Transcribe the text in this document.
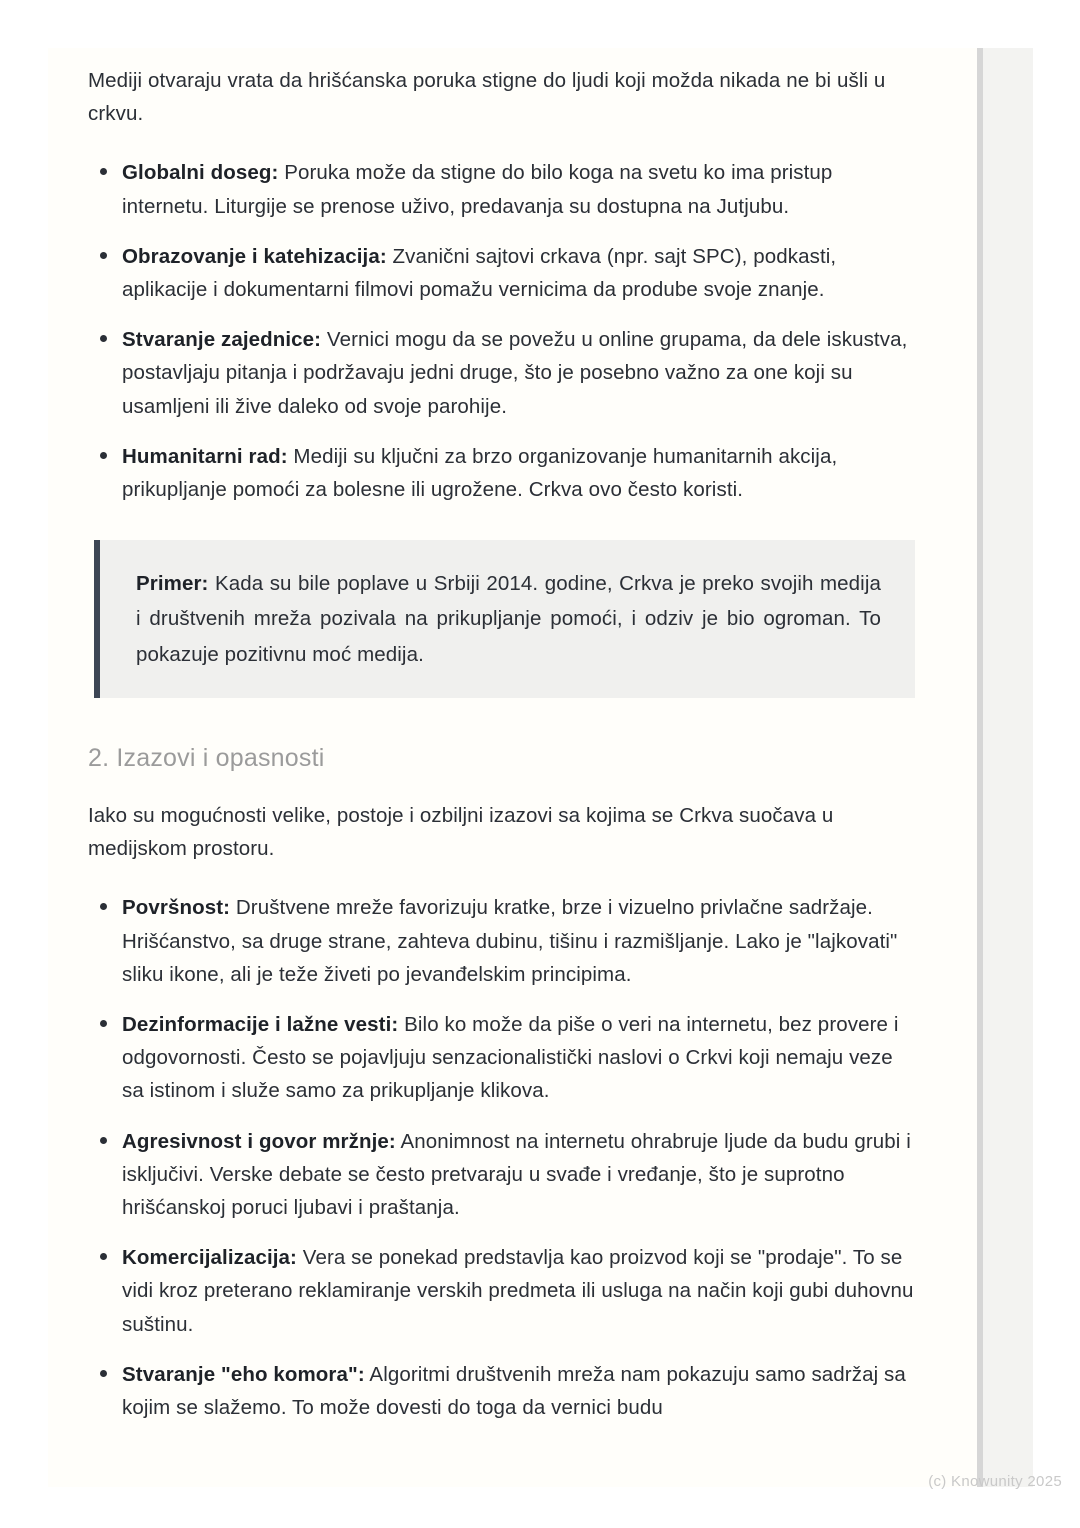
Mediji otvaraju vrata da hrišćanska poruka stigne do ljudi koji možda nikada ne bi ušli u crkvu.

Globalni doseg: Poruka može da stigne do bilo koga na svetu ko ima pristup internetu. Liturgije se prenose uživo, predavanja su dostupna na Jutjubu.
Obrazovanje i katehizacija: Zvanični sajtovi crkava (npr. sajt SPC), podkasti, aplikacije i dokumentarni filmovi pomažu vernicima da produbе svoje znanje.
Stvaranje zajednice: Vernici mogu da se povežu u online grupama, da dele iskustva, postavljaju pitanja i podržavaju jedni druge, što je posebno važno za one koji su usamljeni ili žive daleko od svoje parohije.
Humanitarni rad: Mediji su ključni za brzo organizovanje humanitarnih akcija, prikupljanje pomoći za bolesne ili ugrožene. Crkva ovo često koristi.

Primer: Kada su bile poplave u Srbiji 2014. godine, Crkva je preko svojih medija i društvenih mreža pozivala na prikupljanje pomoći, i odziv je bio ogroman. To pokazuje pozitivnu moć medija.

2. Izazovi i opasnosti

Iako su mogućnosti velike, postoje i ozbiljni izazovi sa kojima se Crkva suočava u medijskom prostoru.

Površnost: Društvene mreže favorizuju kratke, brze i vizuelno privlačne sadržaje. Hrišćanstvo, sa druge strane, zahteva dubinu, tišinu i razmišljanje. Lako je "lajkovati" sliku ikone, ali je teže živeti po jevanđelskim principima.
Dezinformacije i lažne vesti: Bilo ko može da piše o veri na internetu, bez provere i odgovornosti. Često se pojavljuju senzacionalistički naslovi o Crkvi koji nemaju veze sa istinom i služe samo za prikupljanje klikova.
Agresivnost i govor mržnje: Anonimnost na internetu ohrabruje ljude da budu grubi i isključivi. Verske debate se često pretvaraju u svađe i vređanje, što je suprotno hrišćanskoj poruci ljubavi i praštanja.
Komercijalizacija: Vera se ponekad predstavlja kao proizvod koji se "prodaje". To se vidi kroz preterano reklamiranje verskih predmeta ili usluga na način koji gubi duhovnu suštinu.
Stvaranje "eho komora": Algoritmi društvenih mreža nam pokazuju samo sadržaj sa kojim se slažemo. To može dovesti do toga da vernici budu
(c) Knowunity 2025
